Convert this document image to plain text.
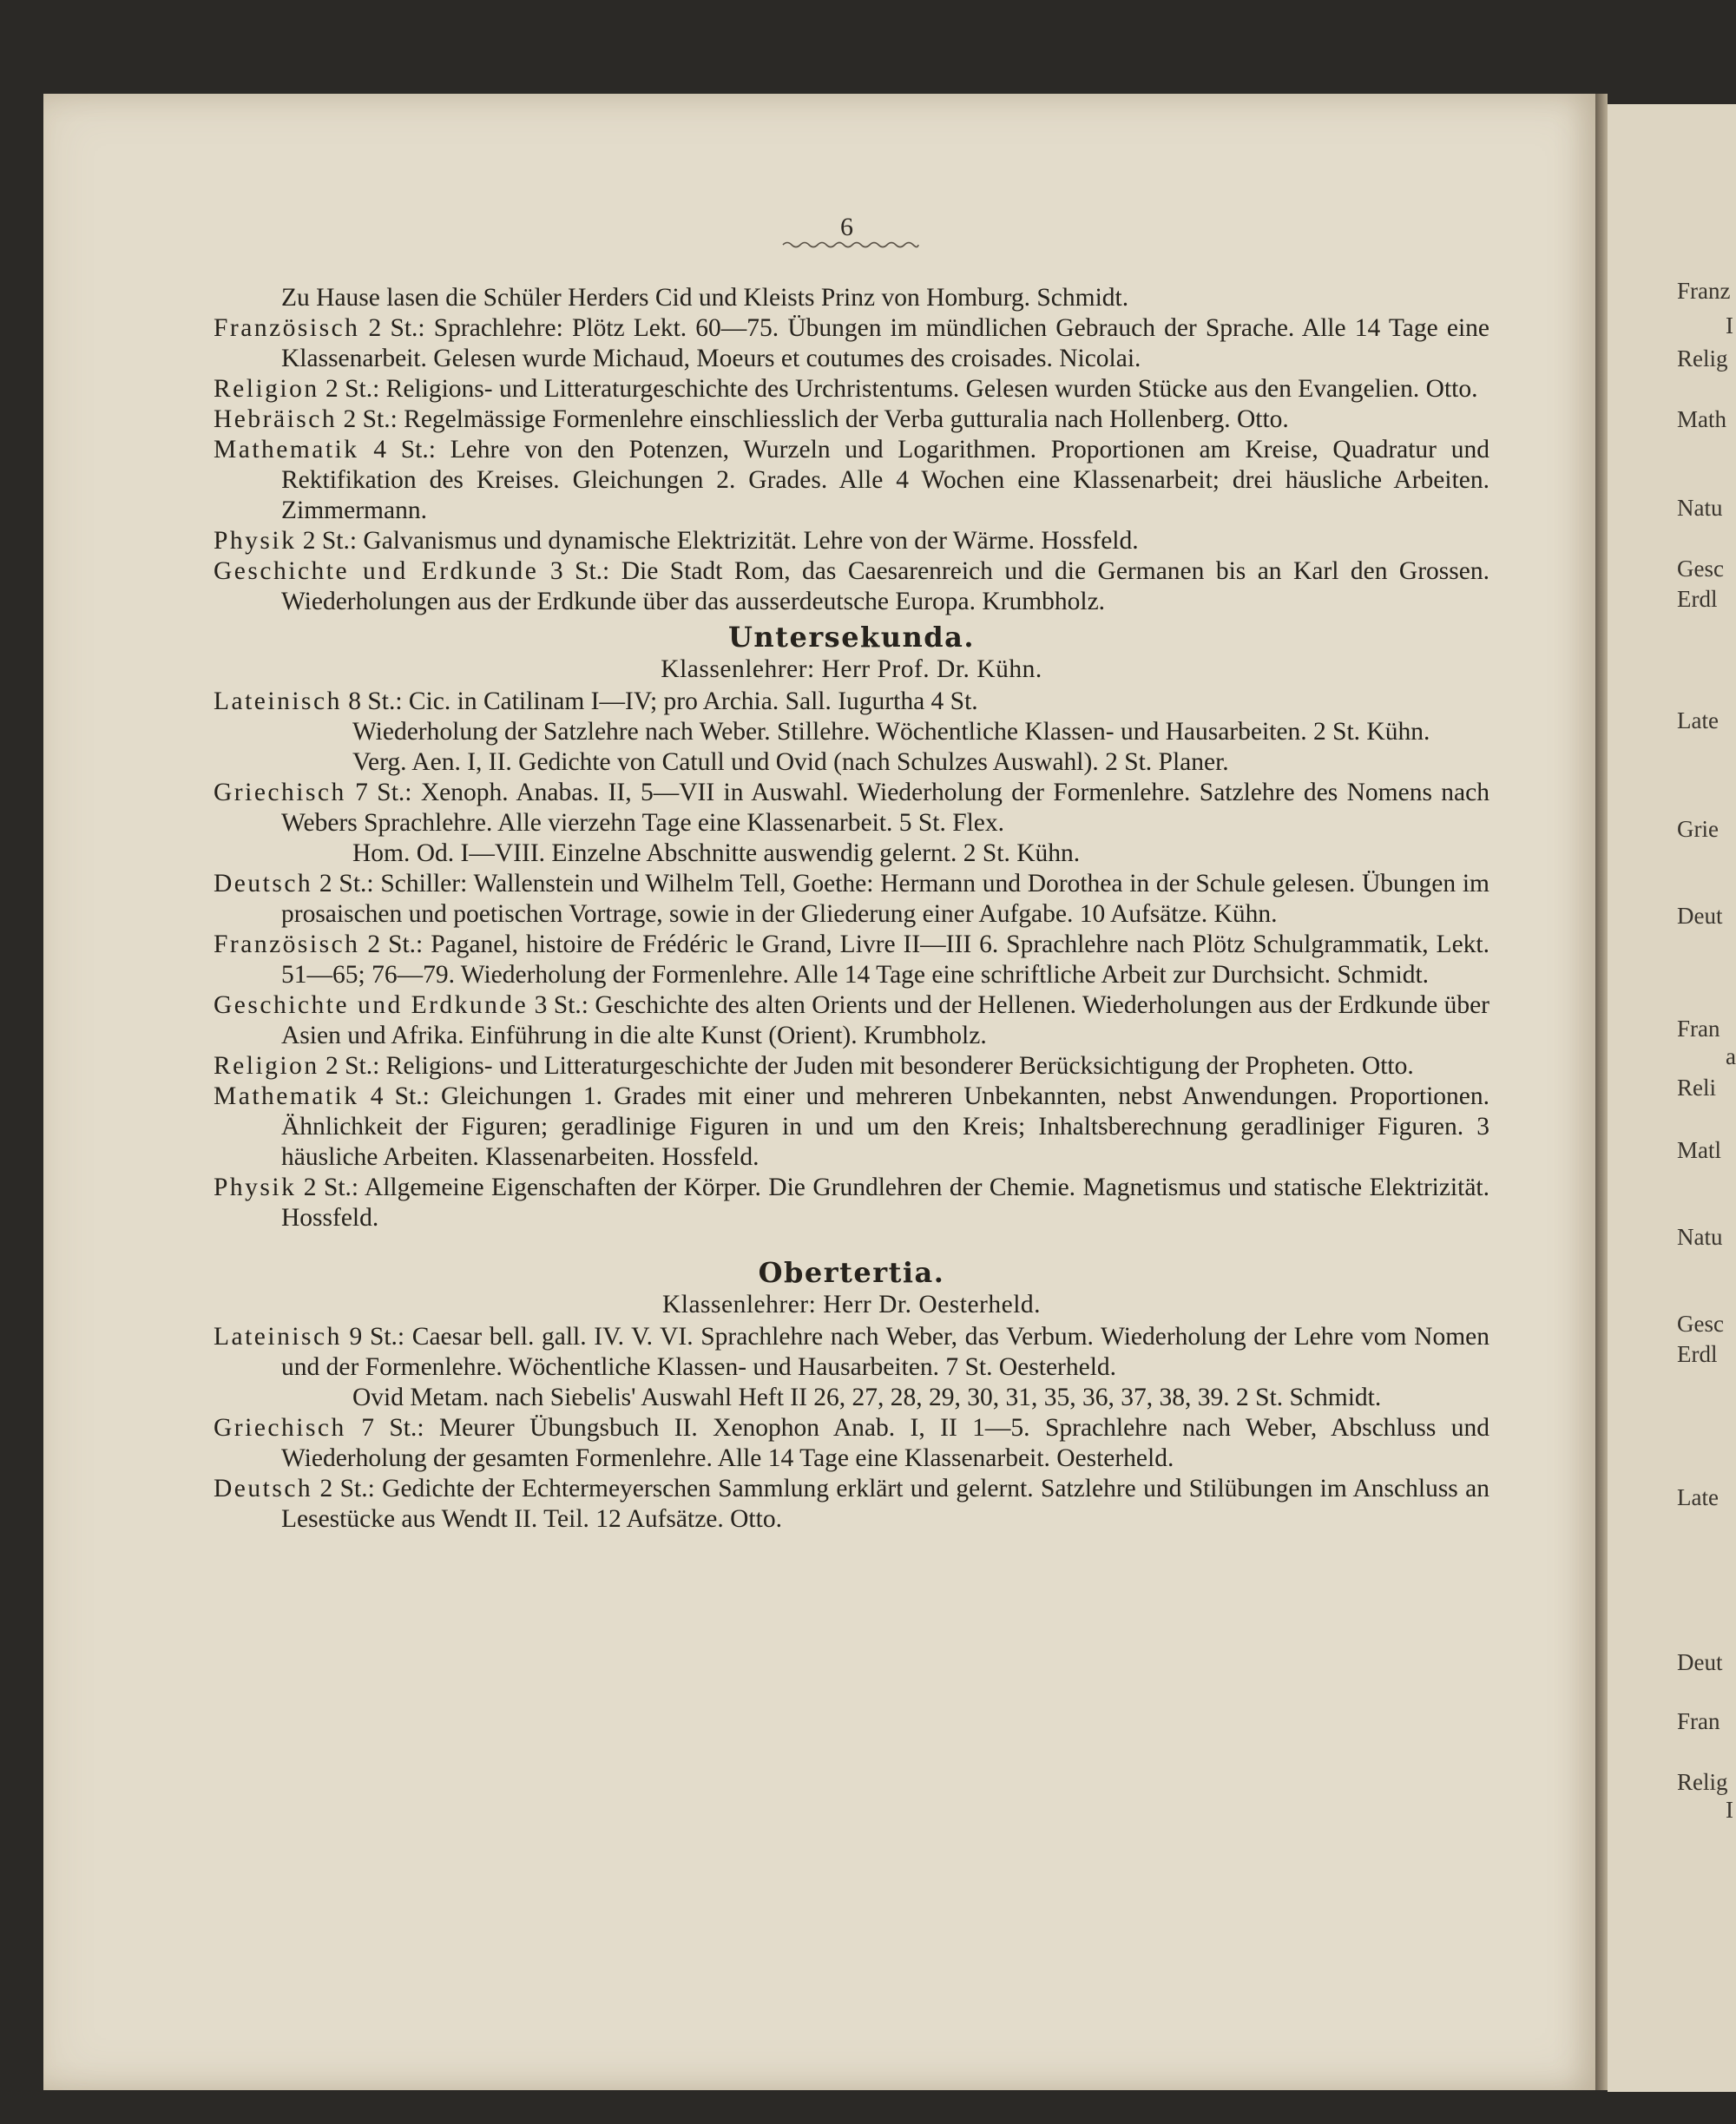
Franz
I
Relig
Math
Natu
Gesc
Erdl
Late
Grie
Deut
Fran
a
Reli
Matl
Natu
Gesc
Erdl
Late
Deut
Fran
Relig
I
6

Zu Hause lasen die Schüler Herders Cid und Kleists Prinz von Homburg. Schmidt.

Französisch 2 St.: Sprachlehre: Plötz Lekt. 60—75. Übungen im mündlichen Gebrauch der Sprache. Alle 14 Tage eine Klassenarbeit. Gelesen wurde Michaud, Moeurs et coutumes des croisades. Nicolai.

Religion 2 St.: Religions- und Litteraturgeschichte des Urchristentums. Gelesen wurden Stücke aus den Evangelien. Otto.

Hebräisch 2 St.: Regelmässige Formenlehre einschliesslich der Verba gutturalia nach Hollenberg. Otto.

Mathematik 4 St.: Lehre von den Potenzen, Wurzeln und Logarithmen. Proportionen am Kreise, Quadratur und Rektifikation des Kreises. Gleichungen 2. Grades. Alle 4 Wochen eine Klassenarbeit; drei häusliche Arbeiten. Zimmermann.

Physik 2 St.: Galvanismus und dynamische Elektrizität. Lehre von der Wärme. Hossfeld.

Geschichte und Erdkunde 3 St.: Die Stadt Rom, das Caesarenreich und die Germanen bis an Karl den Grossen. Wiederholungen aus der Erdkunde über das ausserdeutsche Europa. Krumbholz.

Untersekunda.
Klassenlehrer: Herr Prof. Dr. Kühn.

Lateinisch 8 St.: Cic. in Catilinam I—IV; pro Archia. Sall. Iugurtha 4 St.

Wiederholung der Satzlehre nach Weber. Stillehre. Wöchentliche Klassen- und Hausarbeiten. 2 St. Kühn.

Verg. Aen. I, II. Gedichte von Catull und Ovid (nach Schulzes Auswahl). 2 St. Planer.

Griechisch 7 St.: Xenoph. Anabas. II, 5—VII in Auswahl. Wiederholung der Formenlehre. Satzlehre des Nomens nach Webers Sprachlehre. Alle vierzehn Tage eine Klassenarbeit. 5 St. Flex.

Hom. Od. I—VIII. Einzelne Abschnitte auswendig gelernt. 2 St. Kühn.

Deutsch 2 St.: Schiller: Wallenstein und Wilhelm Tell, Goethe: Hermann und Dorothea in der Schule gelesen. Übungen im prosaischen und poetischen Vortrage, sowie in der Gliederung einer Aufgabe. 10 Aufsätze. Kühn.

Französisch 2 St.: Paganel, histoire de Frédéric le Grand, Livre II—III 6. Sprachlehre nach Plötz Schulgrammatik, Lekt. 51—65; 76—79. Wiederholung der Formenlehre. Alle 14 Tage eine schriftliche Arbeit zur Durchsicht. Schmidt.

Geschichte und Erdkunde 3 St.: Geschichte des alten Orients und der Hellenen. Wiederholungen aus der Erdkunde über Asien und Afrika. Einführung in die alte Kunst (Orient). Krumbholz.

Religion 2 St.: Religions- und Litteraturgeschichte der Juden mit besonderer Berücksichtigung der Propheten. Otto.

Mathematik 4 St.: Gleichungen 1. Grades mit einer und mehreren Unbekannten, nebst Anwendungen. Proportionen. Ähnlichkeit der Figuren; geradlinige Figuren in und um den Kreis; Inhaltsberechnung geradliniger Figuren. 3 häusliche Arbeiten. Klassenarbeiten. Hossfeld.

Physik 2 St.: Allgemeine Eigenschaften der Körper. Die Grundlehren der Chemie. Magnetismus und statische Elektrizität. Hossfeld.

Obertertia.
Klassenlehrer: Herr Dr. Oesterheld.

Lateinisch 9 St.: Caesar bell. gall. IV. V. VI. Sprachlehre nach Weber, das Verbum. Wiederholung der Lehre vom Nomen und der Formenlehre. Wöchentliche Klassen- und Hausarbeiten. 7 St. Oesterheld.

Ovid Metam. nach Siebelis' Auswahl Heft II 26, 27, 28, 29, 30, 31, 35, 36, 37, 38, 39. 2 St. Schmidt.

Griechisch 7 St.: Meurer Übungsbuch II. Xenophon Anab. I, II 1—5. Sprachlehre nach Weber, Abschluss und Wiederholung der gesamten Formenlehre. Alle 14 Tage eine Klassenarbeit. Oesterheld.

Deutsch 2 St.: Gedichte der Echtermeyerschen Sammlung erklärt und gelernt. Satzlehre und Stilübungen im Anschluss an Lesestücke aus Wendt II. Teil. 12 Aufsätze. Otto.
